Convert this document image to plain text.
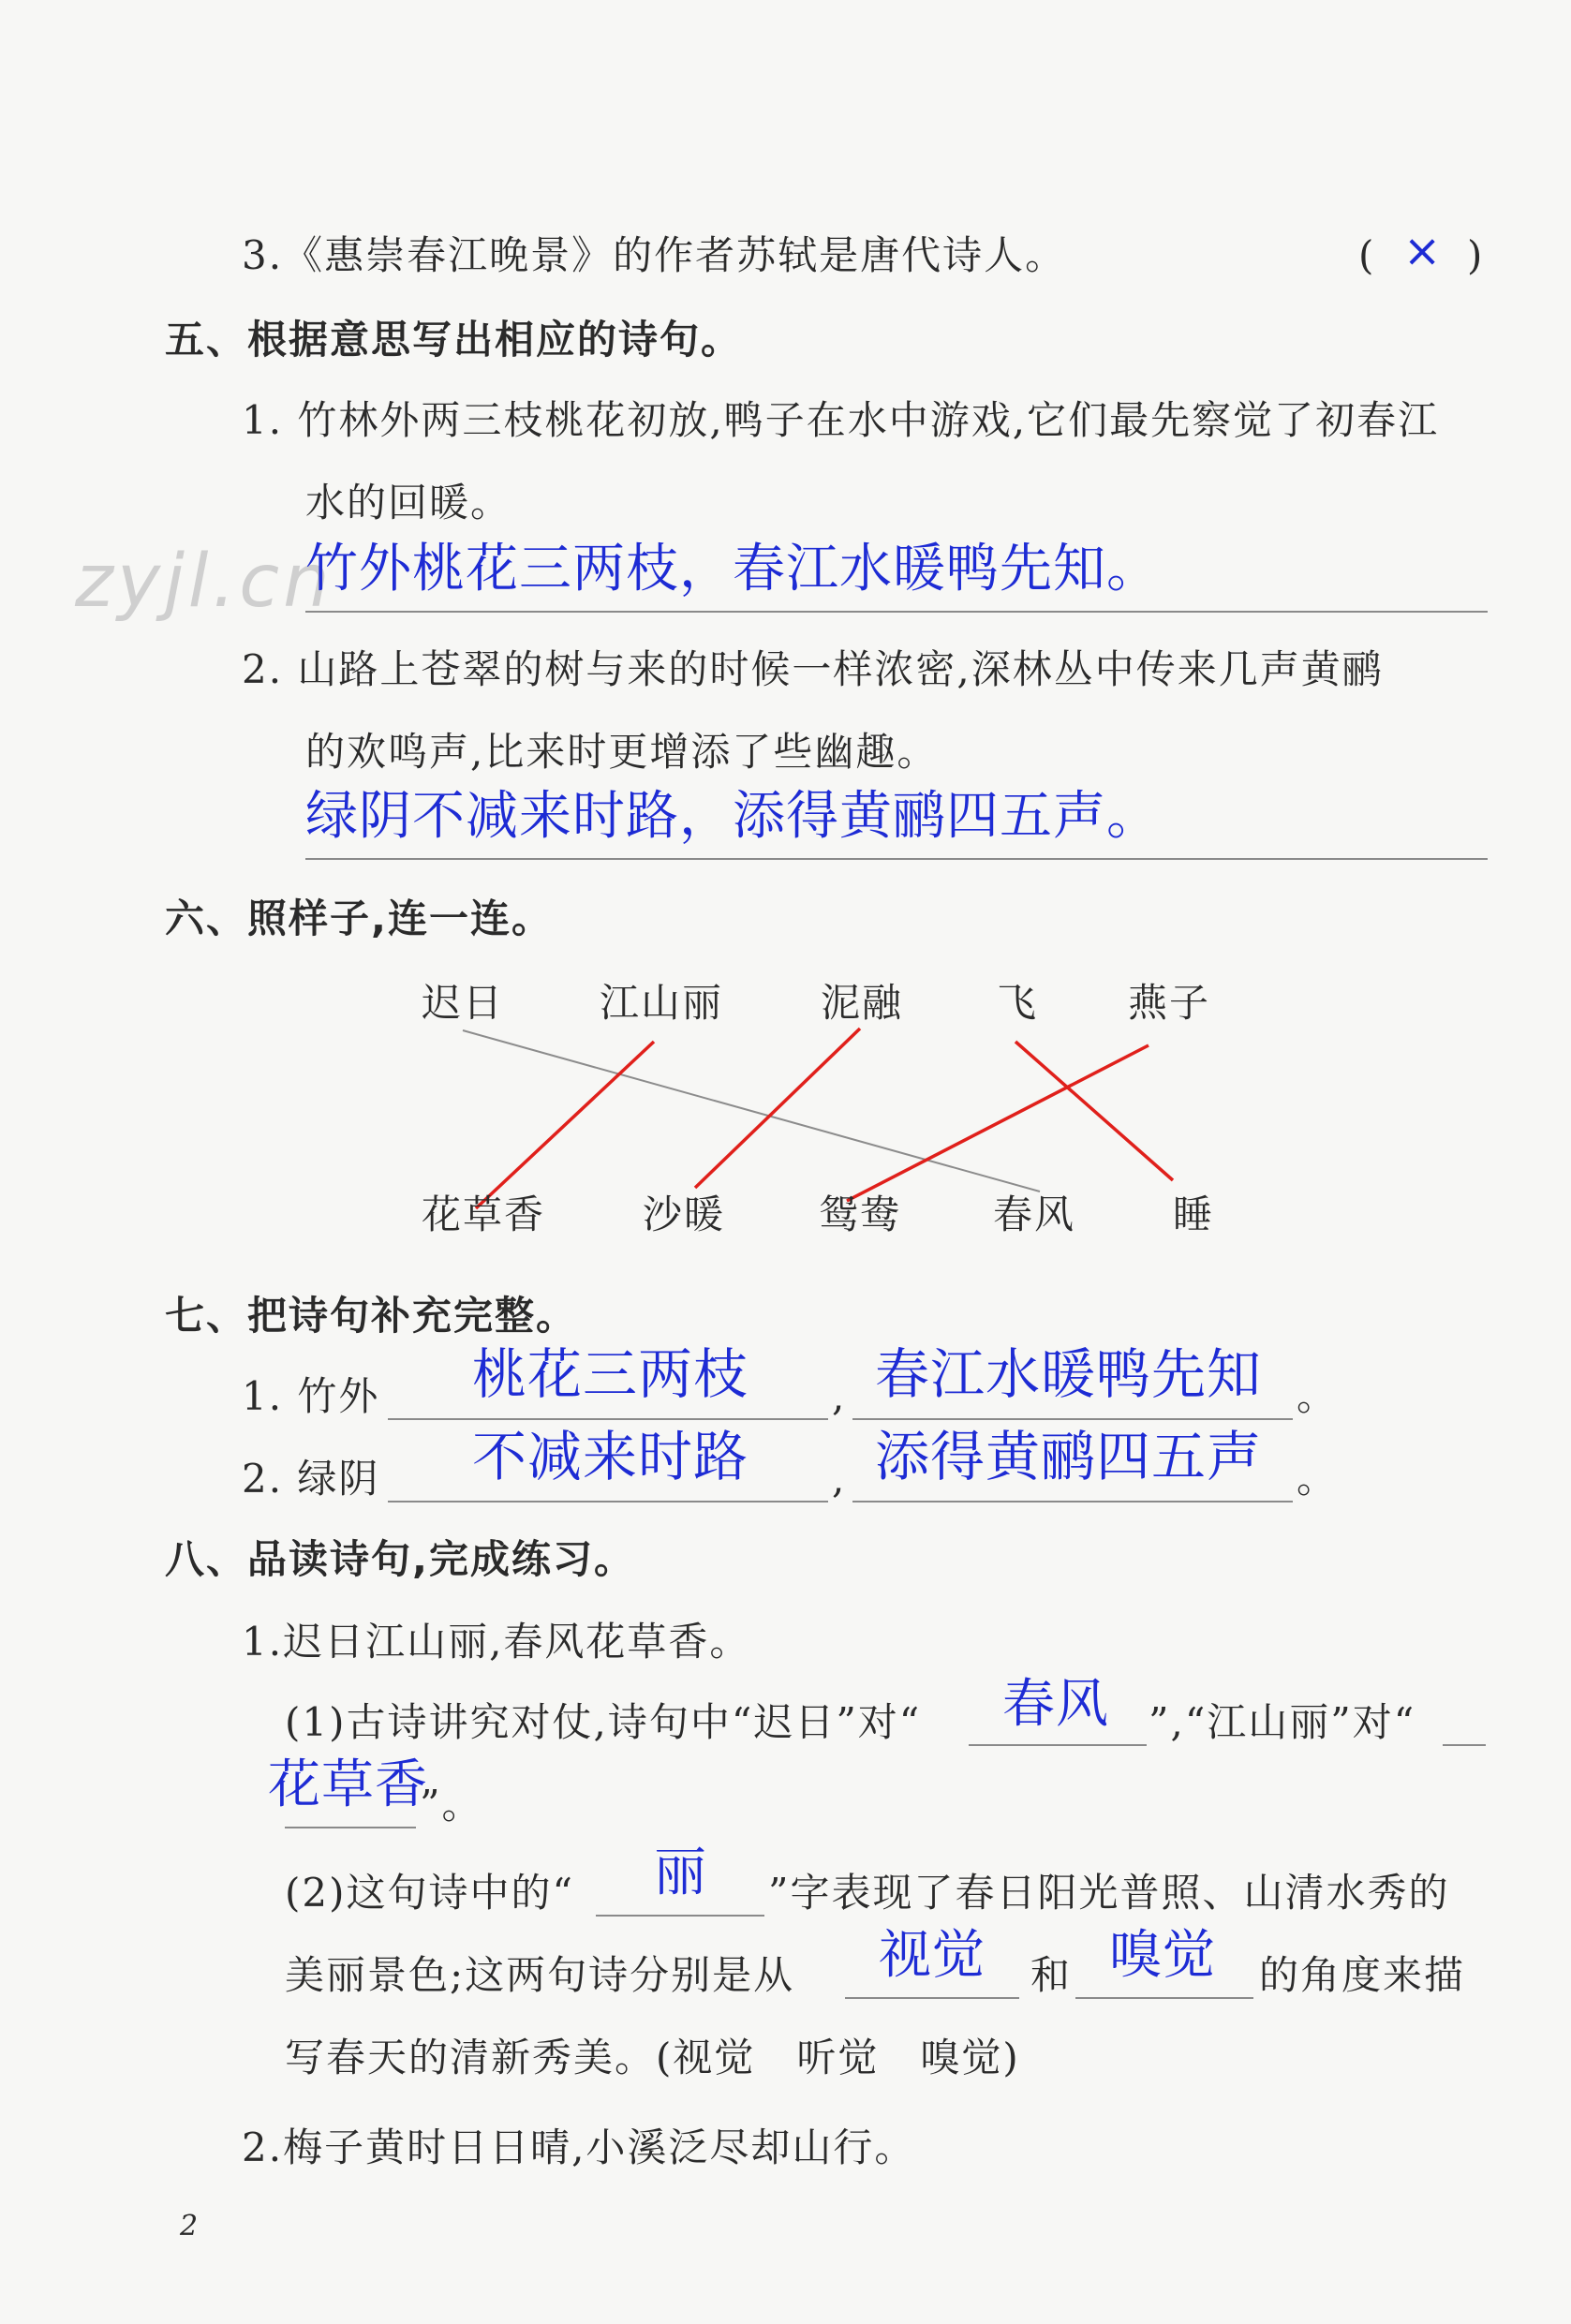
3.《惠崇春江晚景》的作者苏轼是唐代诗人。	( × )
五、根据意思写出相应的诗句。
1. 竹林外两三枝桃花初放,鸭子在水中游戏,它们最先察觉了初春江
水的回暖。
zyjl.cn
竹外桃花三两枝，春江水暖鸭先知。
2. 山路上苍翠的树与来的时候一样浓密,深林丛中传来几声黄鹂
的欢鸣声,比来时更增添了些幽趣。
绿阴不减来时路，添得黄鹂四五声。
六、照样子,连一连。
迟日 江山丽 泥融 飞 燕子
花草香 沙暖 鸳鸯 春风 睡
七、把诗句补充完整。
1. 竹外 桃花三两枝 , 春江水暖鸭先知 。
2. 绿阴 不减来时路 , 添得黄鹂四五声 。
八、品读诗句,完成练习。
1.迟日江山丽,春风花草香。
(1)古诗讲究对仗,诗句中“迟日”对“ 春风 ”,“江山丽”对“
花草香
”。
(2)这句诗中的“ 丽 ”字表现了春日阳光普照、山清水秀的
美丽景色;这两句诗分别是从 视觉 和 嗅觉 的角度来描
写春天的清新秀美。(视觉　听觉　嗅觉)
2.梅子黄时日日晴,小溪泛尽却山行。
2
